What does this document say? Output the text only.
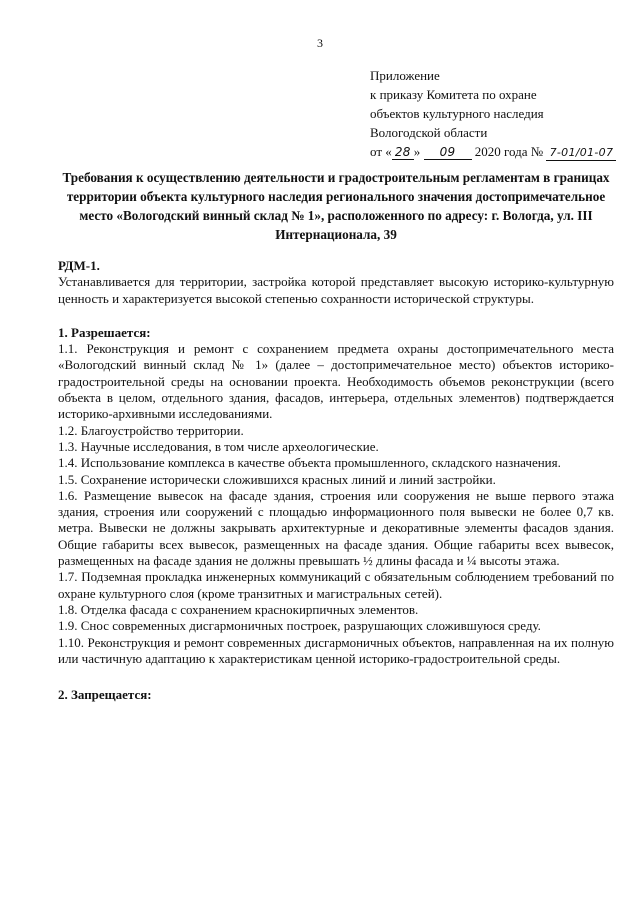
3
Приложение
к приказу Комитета по охране
объектов культурного наследия
Вологодской области
от « 28 » 09 2020 года № 7-01/01-07
Требования к осуществлению деятельности и градостроительным регламентам в границах территории объекта культурного наследия регионального значения достопримечательное место «Вологодский винный склад № 1», расположенного по адресу: г. Вологда, ул. III Интернационала, 39

РДМ-1.

Устанавливается для территории, застройка которой представляет высокую историко-культурную ценность и характеризуется высокой степенью сохранности исторической структуры.

1. Разрешается:

1.1. Реконструкция и ремонт с сохранением предмета охраны достопримечательного места «Вологодский винный склад № 1» (далее – достопримечательное место) объектов историко-градостроительной среды на основании проекта. Необходимость объемов реконструкции (всего объекта в целом, отдельного здания, фасадов, интерьера, отдельных элементов) подтверждается историко-архивными исследованиями.

1.2. Благоустройство территории.

1.3. Научные исследования, в том числе археологические.

1.4. Использование комплекса в качестве объекта промышленного, складского назначения.

1.5. Сохранение исторически сложившихся красных линий и линий застройки.

1.6. Размещение вывесок на фасаде здания, строения или сооружения не выше первого этажа здания, строения или сооружений с площадью информационного поля вывески не более 0,7 кв. метра. Вывески не должны закрывать архитектурные и декоративные элементы фасадов здания. Общие габариты всех вывесок, размещенных на фасаде здания. Общие габариты всех вывесок, размещенных на фасаде здания не должны превышать ½ длины фасада и ¼ высоты этажа.

1.7. Подземная прокладка инженерных коммуникаций с обязательным соблюдением требований по охране культурного слоя (кроме транзитных и магистральных сетей).

1.8. Отделка фасада с сохранением краснокирпичных элементов.

1.9. Снос современных дисгармоничных построек, разрушающих сложившуюся среду.

1.10. Реконструкция и ремонт современных дисгармоничных объектов, направленная на их полную или частичную адаптацию к характеристикам ценной историко-градостроительной среды.

2. Запрещается:
